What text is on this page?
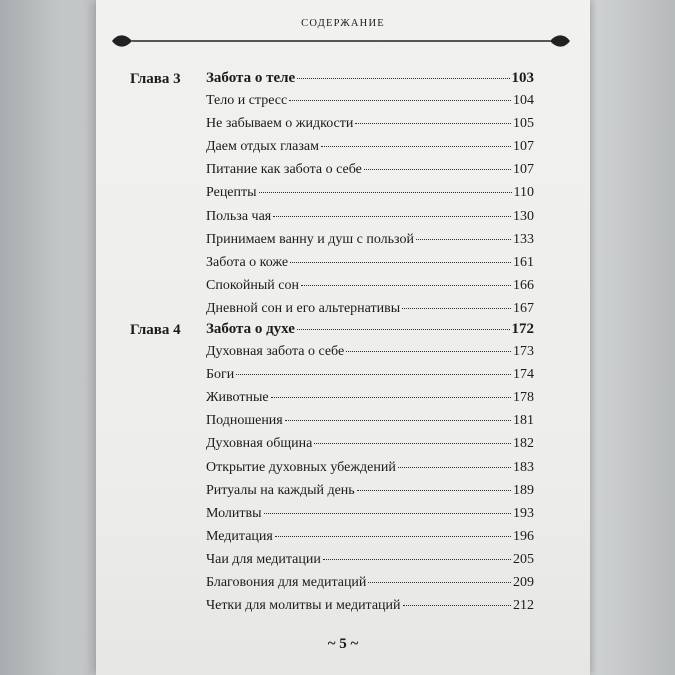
СОДЕРЖАНИЕ
Глава 3 Забота о теле	103
Тело и стресс	104
Не забываем о жидкости	105
Даем отдых глазам	107
Питание как забота о себе	107
Рецепты	110
Польза чая	130
Принимаем ванну и душ с пользой	133
Забота о коже	161
Спокойный сон	166
Дневной сон и его альтернативы	167
Глава 4 Забота о духе	172
Духовная забота о себе	173
Боги	174
Животные	178
Подношения	181
Духовная община	182
Открытие духовных убеждений	183
Ритуалы на каждый день	189
Молитвы	193
Медитация	196
Чаи для медитации	205
Благовония для медитаций	209
Четки для молитвы и медитаций	212
~ 5 ~
